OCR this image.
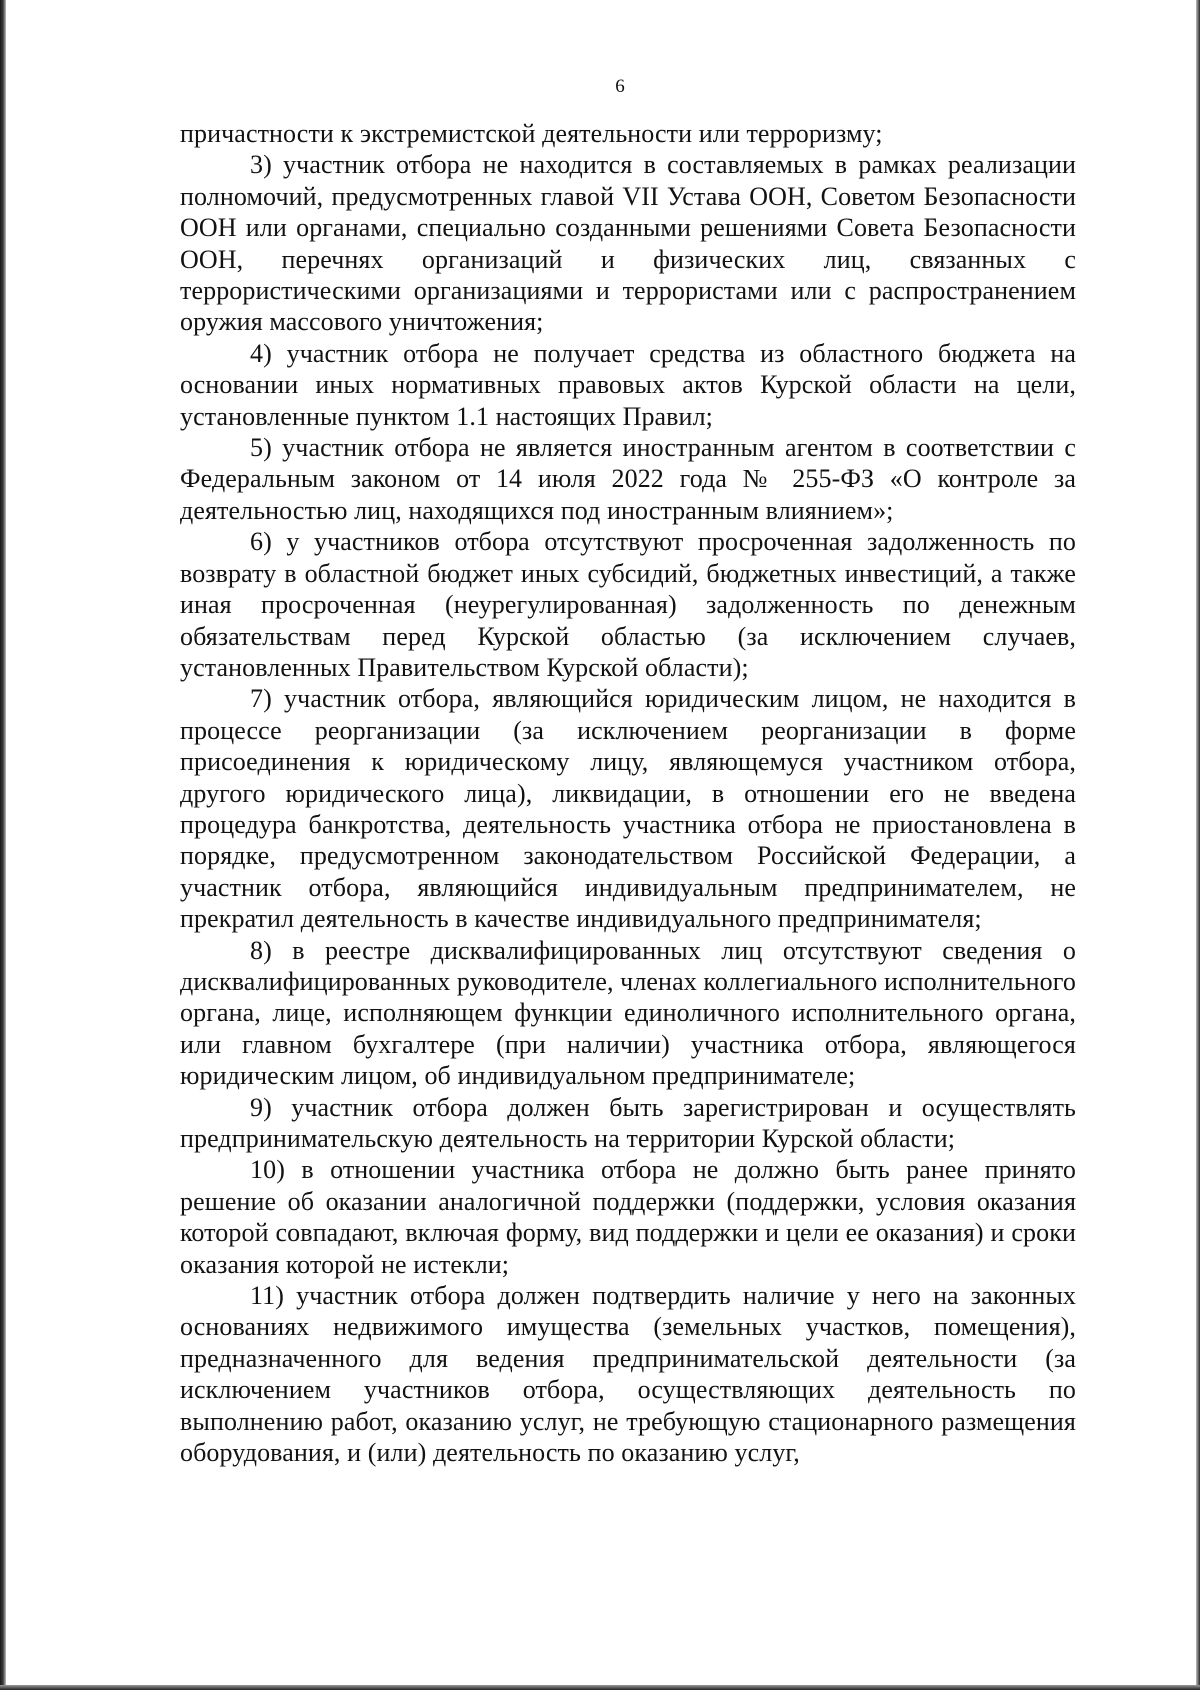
6

причастности к экстремистской деятельности или терроризму;

3) участник отбора не находится в составляемых в рамках реализации полномочий, предусмотренных главой VII Устава ООН, Советом Безопасности ООН или органами, специально созданными решениями Совета Безопасности ООН, перечнях организаций и физических лиц, связанных с террористическими организациями и террористами или с распространением оружия массового уничтожения;

4) участник отбора не получает средства из областного бюджета на основании иных нормативных правовых актов Курской области на цели, установленные пунктом 1.1 настоящих Правил;

5) участник отбора не является иностранным агентом в соответствии с Федеральным законом от 14 июля 2022 года № 255-ФЗ «О контроле за деятельностью лиц, находящихся под иностранным влиянием»;

6) у участников отбора отсутствуют просроченная задолженность по возврату в областной бюджет иных субсидий, бюджетных инвестиций, а также иная просроченная (неурегулированная) задолженность по денежным обязательствам перед Курской областью (за исключением случаев, установленных Правительством Курской области);

7) участник отбора, являющийся юридическим лицом, не находится в процессе реорганизации (за исключением реорганизации в форме присоединения к юридическому лицу, являющемуся участником отбора, другого юридического лица), ликвидации, в отношении его не введена процедура банкротства, деятельность участника отбора не приостановлена в порядке, предусмотренном законодательством Российской Федерации, а участник отбора, являющийся индивидуальным предпринимателем, не прекратил деятельность в качестве индивидуального предпринимателя;

8) в реестре дисквалифицированных лиц отсутствуют сведения о дисквалифицированных руководителе, членах коллегиального исполнительного органа, лице, исполняющем функции единоличного исполнительного органа, или главном бухгалтере (при наличии) участника отбора, являющегося юридическим лицом, об индивидуальном предпринимателе;

9) участник отбора должен быть зарегистрирован и осуществлять предпринимательскую деятельность на территории Курской области;

10) в отношении участника отбора не должно быть ранее принято решение об оказании аналогичной поддержки (поддержки, условия оказания которой совпадают, включая форму, вид поддержки и цели ее оказания) и сроки оказания которой не истекли;

11) участник отбора должен подтвердить наличие у него на законных основаниях недвижимого имущества (земельных участков, помещения), предназначенного для ведения предпринимательской деятельности (за исключением участников отбора, осуществляющих деятельность по выполнению работ, оказанию услуг, не требующую стационарного размещения оборудования, и (или) деятельность по оказанию услуг,
